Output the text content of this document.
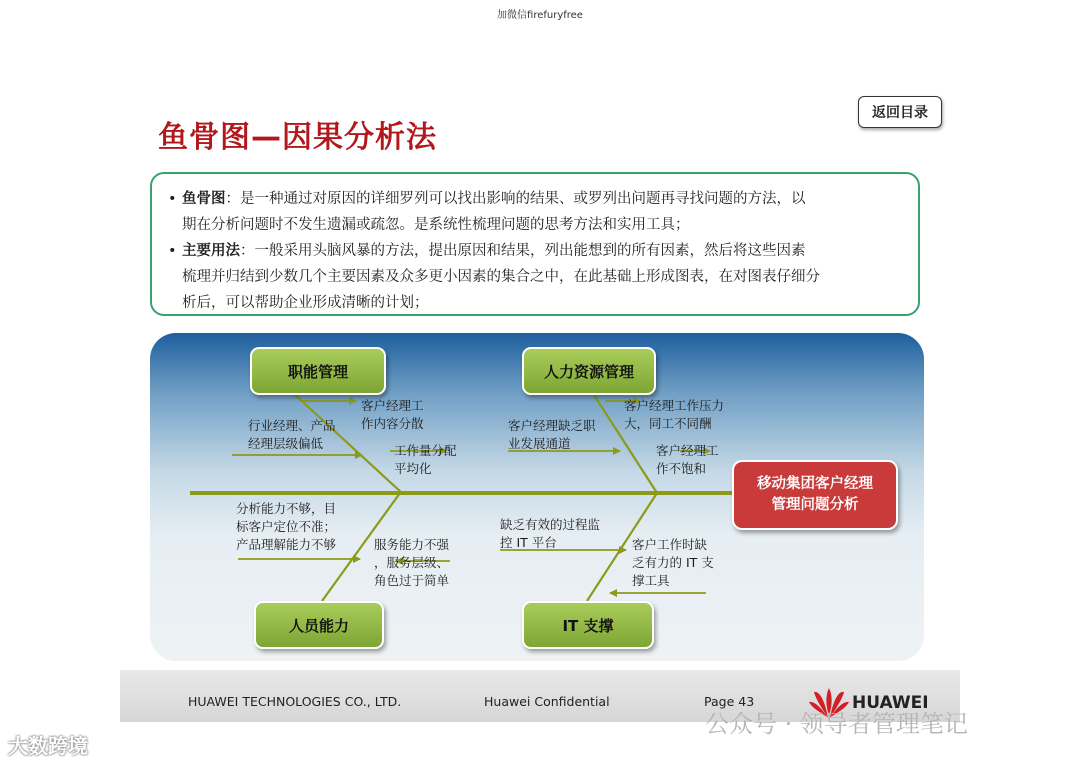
加微信firefuryfree
返回目录
鱼骨图—因果分析法
• 鱼骨图：是一种通过对原因的详细罗列可以找出影响的结果、或罗列出问题再寻找问题的方法，以
期在分析问题时不发生遗漏或疏忽。是系统性梳理问题的思考方法和实用工具；
• 主要用法：一般采用头脑风暴的方法，提出原因和结果，列出能想到的所有因素，然后将这些因素
梳理并归结到少数几个主要因素及众多更小因素的集合之中，在此基础上形成图表，在对图表仔细分
析后，可以帮助企业形成清晰的计划；
职能管理	人力资源管理
人员能力	IT 支撑
移动集团客户经理
管理问题分析
客户经理工
作内容分散
行业经理、产品
经理层级偏低	工作量分配
平均化
客户经理工作压力
大，同工不同酬
客户经理缺乏职
业发展通道	客户经理工
作不饱和
分析能力不够，目
标客户定位不准；
产品理解能力不够	服务能力不强
，服务层级、
角色过于简单
缺乏有效的过程监
控 IT 平台	客户工作时缺
乏有力的 IT 支
撑工具
HUAWEI TECHNOLOGIES CO., LTD.	Huawei Confidential	Page 43	HUAWEI
大数跨境
公众号 · 领导者管理笔记
